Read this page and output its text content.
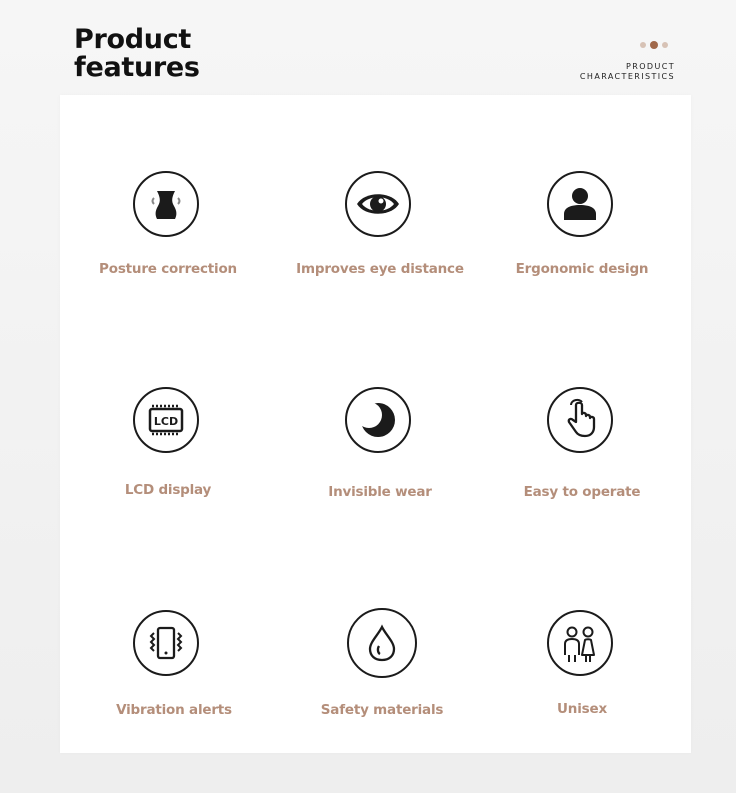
Product
features	PRODUCT
CHARACTERISTICS
Posture correction	Improves eye distance	Ergonomic design
LCD
LCD display	Invisible wear	Easy to operate
Vibration alerts	Safety materials	Unisex
